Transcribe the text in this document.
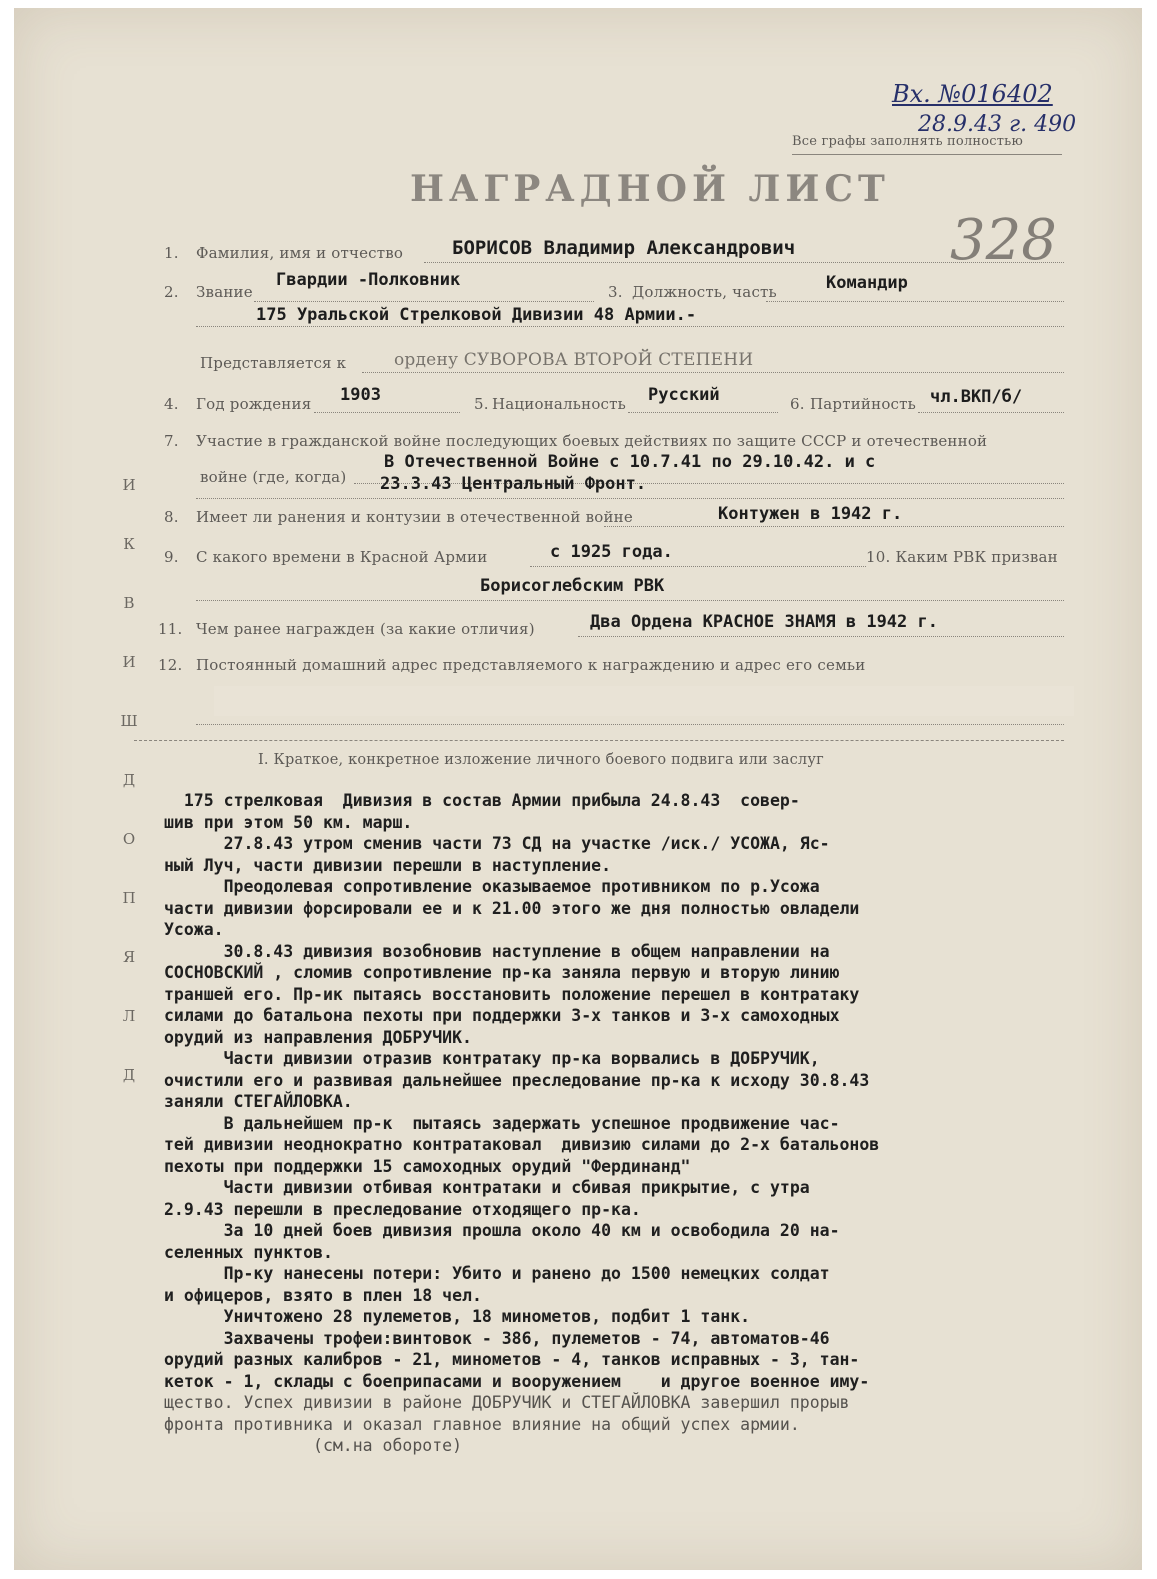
Вх. №016402
28.9.43 г. 490
Все графы заполнять полностью
НАГРАДНОЙ ЛИСТ
328
1. Фамилия, имя и отчество	БОРИСОВ Владимир Александрович
2. Звание
Гвардии -Полковник
3. Должность, часть	Командир
175 Уральской Стрелковой Дивизии 48 Армии.-
Представляется к	ордену СУВОРОВА ВТОРОЙ СТЕПЕНИ
4. Год рождения 1903	5. Национальность Русский	6. Партийность чл.ВКП/б/
7. Участие в гражданской войне последующих боевых действиях по защите СССР и отечественной
войне (где, когда)
В Отечественной Войне с 10.7.41 по 29.10.42. и с
23.3.43 Центральный Фронт.
8. Имеет ли ранения и контузии в отечественной войне	Контужен в 1942 г.
9. С какого времени в Красной Армии	с 1925 года.	10. Каким РВК призван
Борисоглебским РВК
11. Чем ранее награжден (за какие отличия)	Два Ордена КРАСНОЕ ЗНАМЯ в 1942 г.
12. Постоянный домашний адрес представляемого к награждению и адрес его семьи
И
К
В
И
Ш
Д
О
П
Я
Л
Д
I. Краткое, конкретное изложение личного боевого подвига или заслуг
175 стрелковая  Дивизия в состав Армии прибыла 24.8.43  совер-
шив при этом 50 км. марш.
27.8.43 утром сменив части 73 СД на участке /иск./ УСОЖА, Яс-
ный Луч, части дивизии перешли в наступление.
Преодолевая сопротивление оказываемое противником по р.Усожа
части дивизии форсировали ее и к 21.00 этого же дня полностью овладели
Усожа.
30.8.43 дивизия возобновив наступление в общем направлении на
СОСНОВСКИЙ , сломив сопротивление пр-ка заняла первую и вторую линию
траншей его. Пр-ик пытаясь восстановить положение перешел в контратаку
силами до батальона пехоты при поддержки 3-х танков и 3-х самоходных
орудий из направления ДОБРУЧИК.
Части дивизии отразив контратаку пр-ка ворвались в ДОБРУЧИК,
очистили его и развивая дальнейшее преследование пр-ка к исходу 30.8.43
заняли СТЕГАЙЛОВКА.
В дальнейшем пр-к  пытаясь задержать успешное продвижение час-
тей дивизии неоднократно контратаковал  дивизию силами до 2-х батальонов
пехоты при поддержки 15 самоходных орудий "Фердинанд"
Части дивизии отбивая контратаки и сбивая прикрытие, с утра
2.9.43 перешли в преследование отходящего пр-ка.
За 10 дней боев дивизия прошла около 40 км и освободила 20 на-
селенных пунктов.
Пр-ку нанесены потери: Убито и ранено до 1500 немецких солдат
и офицеров, взято в плен 18 чел.
Уничтожено 28 пулеметов, 18 минометов, подбит 1 танк.
Захвачены трофеи:винтовок - 386, пулеметов - 74, автоматов-46
орудий разных калибров - 21, минометов - 4, танков исправных - 3, тан-
кеток - 1, склады с боеприпасами и вооружением    и другое военное иму-
щество. Успех дивизии в районе ДОБРУЧИК и СТЕГАЙЛОВКА завершил прорыв
фронта противника и оказал главное влияние на общий успех армии.
(см.на обороте)
